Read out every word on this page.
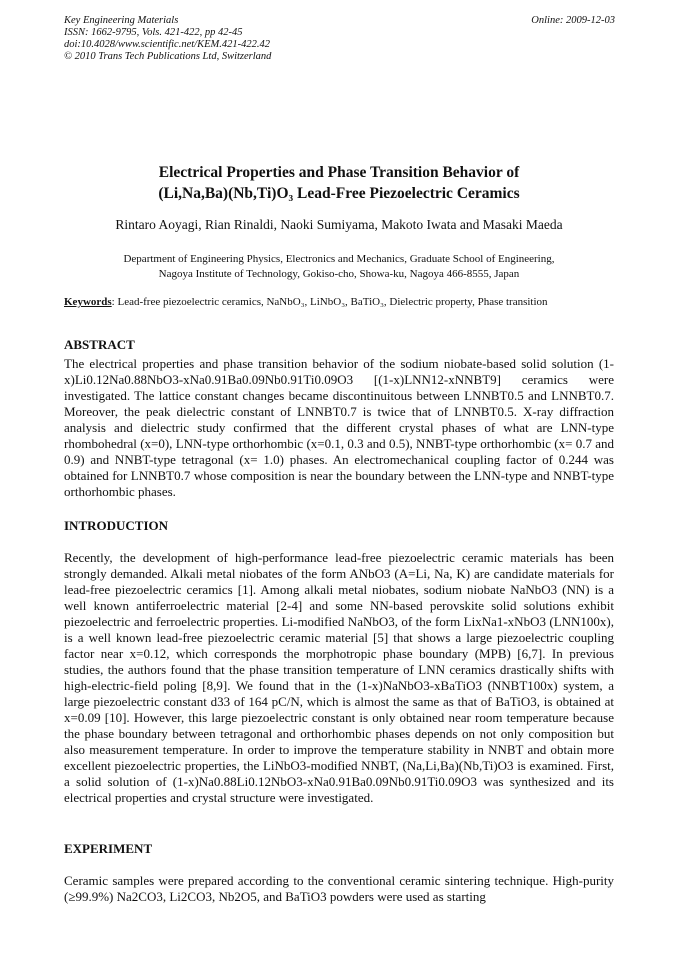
Key Engineering Materials
ISSN: 1662-9795, Vols. 421-422, pp 42-45
doi:10.4028/www.scientific.net/KEM.421-422.42
© 2010 Trans Tech Publications Ltd, Switzerland
Online: 2009-12-03
Electrical Properties and Phase Transition Behavior of
(Li,Na,Ba)(Nb,Ti)O₃ Lead-Free Piezoelectric Ceramics
Rintaro Aoyagi, Rian Rinaldi, Naoki Sumiyama, Makoto Iwata and Masaki Maeda
Department of Engineering Physics, Electronics and Mechanics, Graduate School of Engineering,
Nagoya Institute of Technology, Gokiso-cho, Showa-ku, Nagoya 466-8555, Japan
Keywords: Lead-free piezoelectric ceramics, NaNbO₃, LiNbO₃, BaTiO₃, Dielectric property, Phase transition
ABSTRACT

The electrical properties and phase transition behavior of the sodium niobate-based solid solution (1-x)Li0.12Na0.88NbO3-xNa0.91Ba0.09Nb0.91Ti0.09O3 [(1-x)LNN12-xNNBT9] ceramics were investigated. The lattice constant changes became discontinuitous between LNNBT0.5 and LNNBT0.7. Moreover, the peak dielectric constant of LNNBT0.7 is twice that of LNNBT0.5. X-ray diffraction analysis and dielectric study confirmed that the different crystal phases of what are LNN-type rhombohedral (x=0), LNN-type orthorhombic (x=0.1, 0.3 and 0.5), NNBT-type orthorhombic (x= 0.7 and 0.9) and NNBT-type tetragonal (x= 1.0) phases. An electromechanical coupling factor of 0.244 was obtained for LNNBT0.7 whose composition is near the boundary between the LNN-type and NNBT-type orthorhombic phases.

INTRODUCTION

Recently, the development of high-performance lead-free piezoelectric ceramic materials has been strongly demanded. Alkali metal niobates of the form ANbO3 (A=Li, Na, K) are candidate materials for lead-free piezoelectric ceramics [1]. Among alkali metal niobates, sodium niobate NaNbO3 (NN) is a well known antiferroelectric material [2-4] and some NN-based perovskite solid solutions exhibit piezoelectric and ferroelectric properties. Li-modified NaNbO3, of the form LixNa1-xNbO3 (LNN100x), is a well known lead-free piezoelectric ceramic material [5] that shows a large piezoelectric coupling factor near x=0.12, which corresponds the morphotropic phase boundary (MPB) [6,7]. In previous studies, the authors found that the phase transition temperature of LNN ceramics drastically shifts with high-electric-field poling [8,9]. We found that in the (1-x)NaNbO3-xBaTiO3 (NNBT100x) system, a large piezoelectric constant d33 of 164 pC/N, which is almost the same as that of BaTiO3, is obtained at x=0.09 [10]. However, this large piezoelectric constant is only obtained near room temperature because the phase boundary between tetragonal and orthorhombic phases depends on not only composition but also measurement temperature. In order to improve the temperature stability in NNBT and obtain more excellent piezoelectric properties, the LiNbO3-modified NNBT, (Na,Li,Ba)(Nb,Ti)O3 is examined. First, a solid solution of (1-x)Na0.88Li0.12NbO3-xNa0.91Ba0.09Nb0.91Ti0.09O3 was synthesized and its electrical properties and crystal structure were investigated.

EXPERIMENT

Ceramic samples were prepared according to the conventional ceramic sintering technique. High-purity (≥99.9%) Na2CO3, Li2CO3, Nb2O5, and BaTiO3 powders were used as starting
